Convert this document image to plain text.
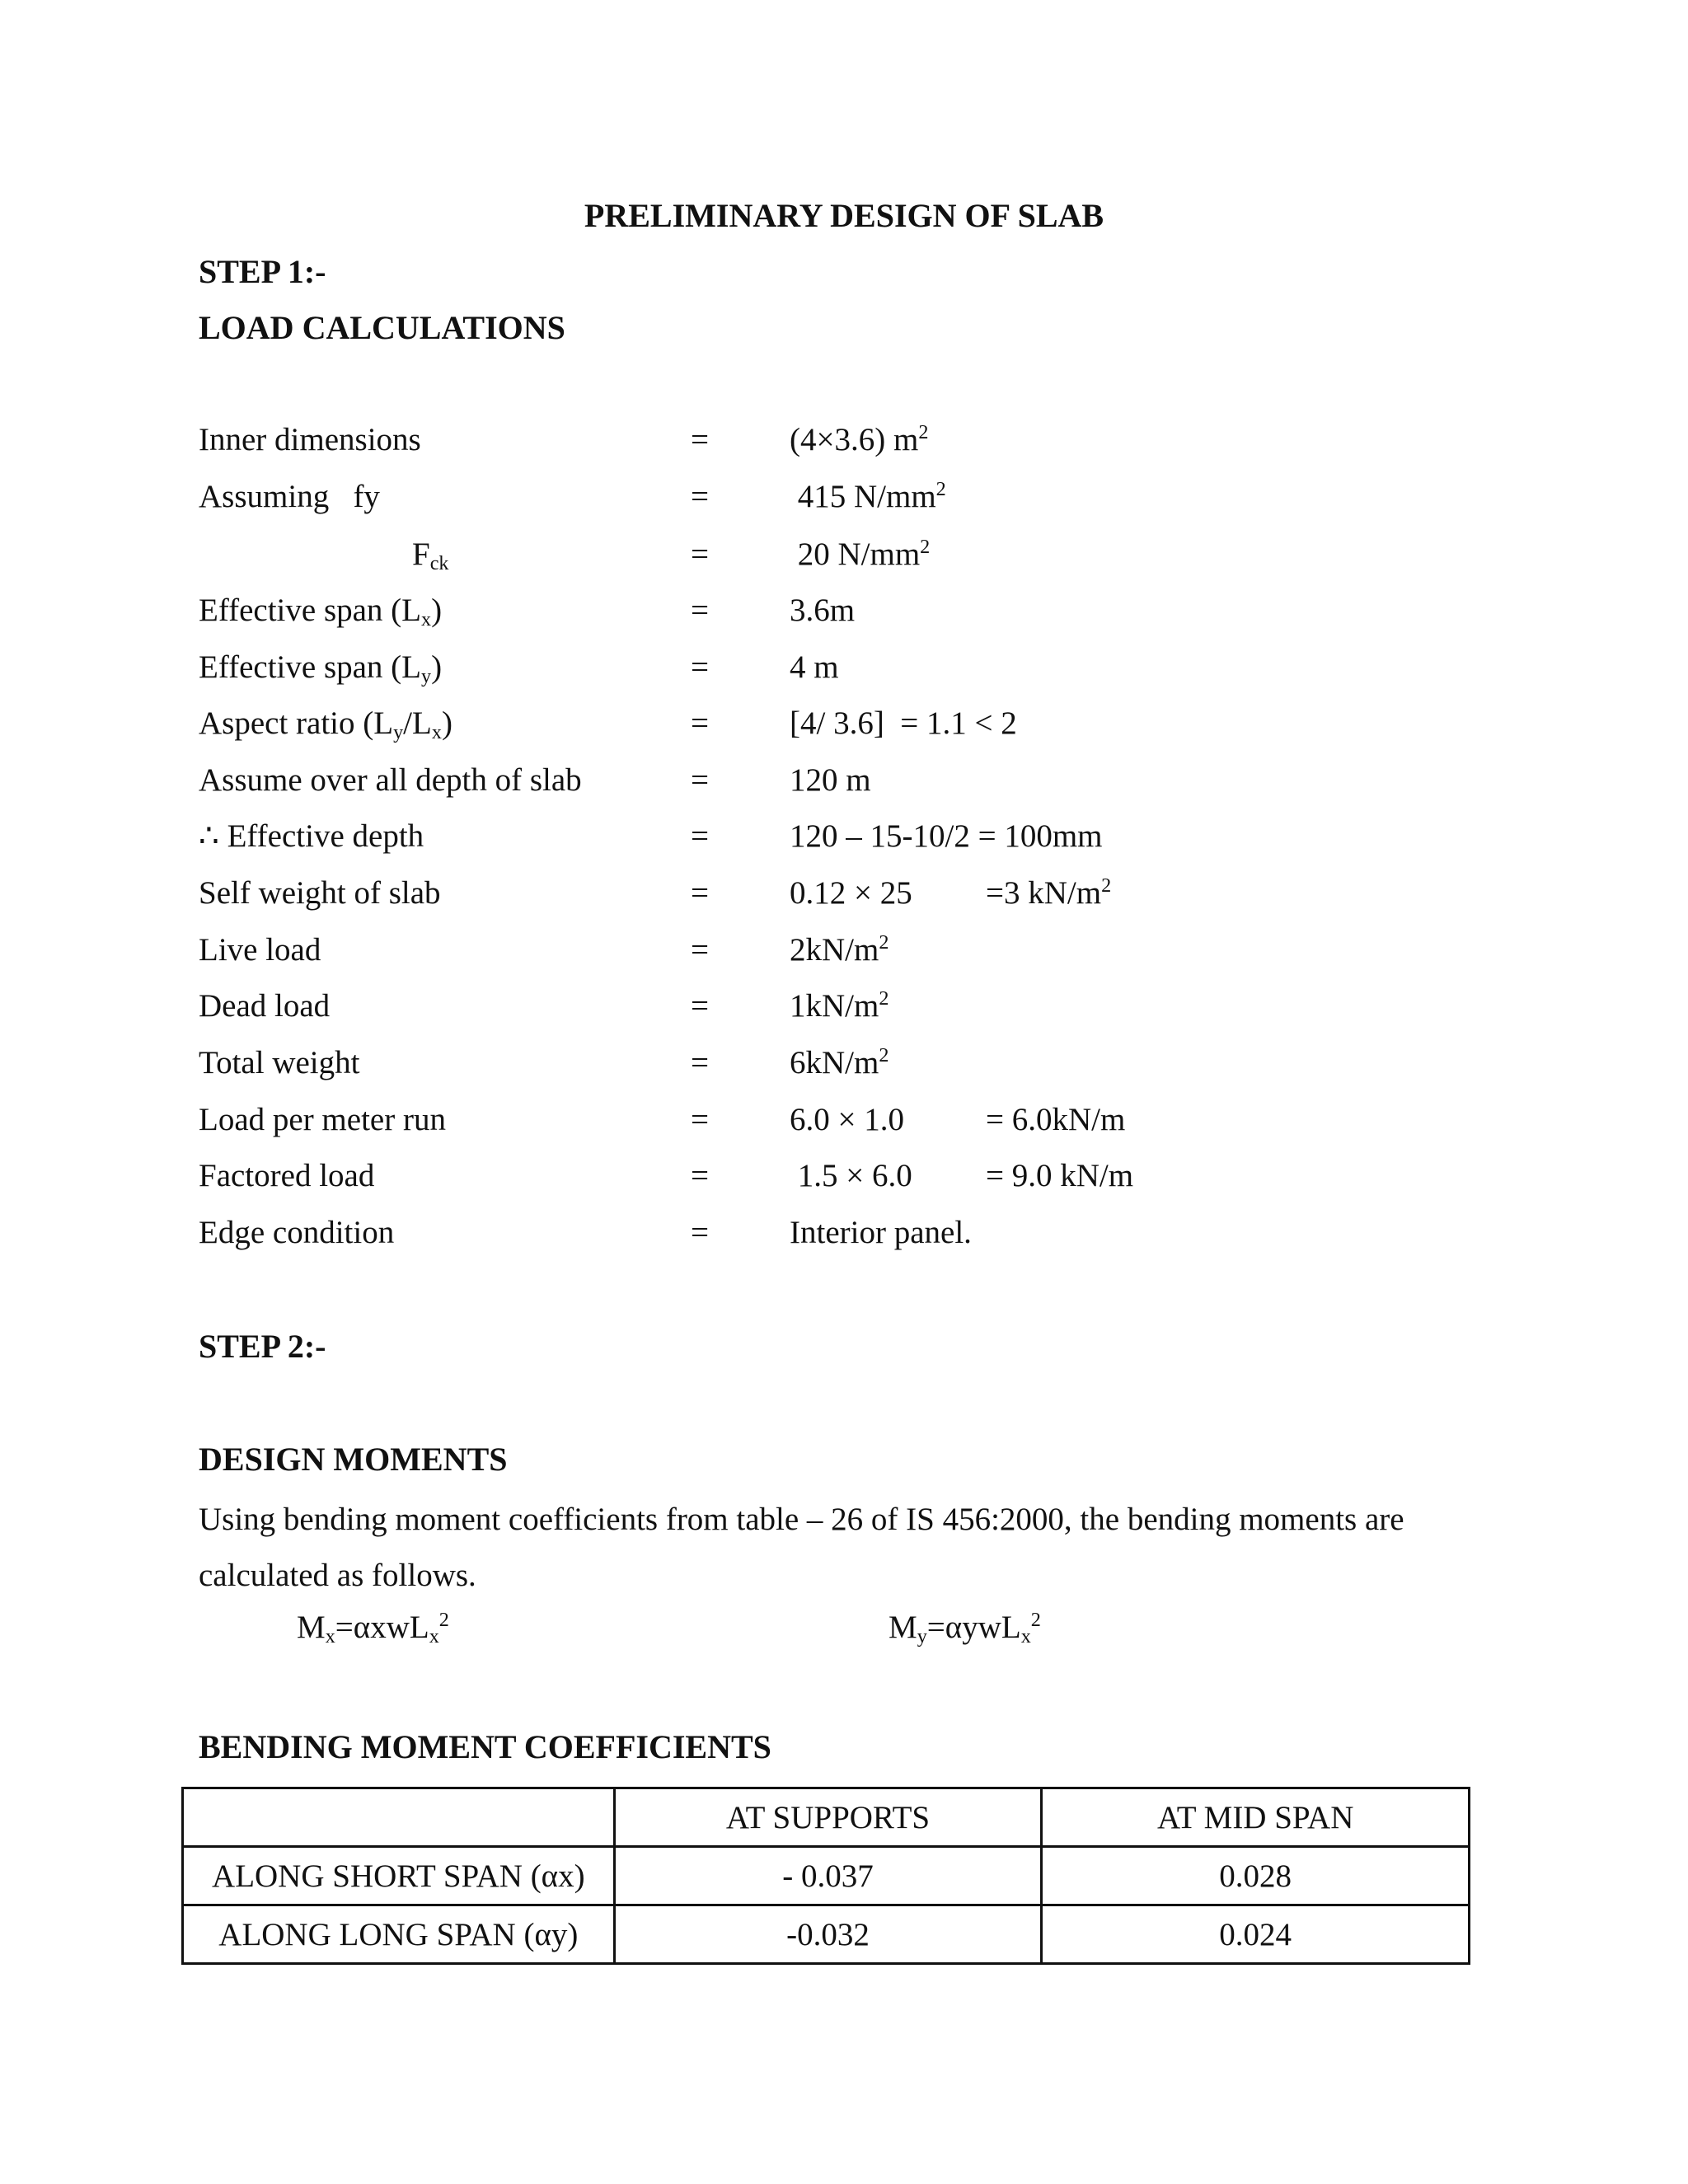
PRELIMINARY DESIGN OF SLAB
STEP 1:-
LOAD CALCULATIONS
Inner dimensions	=	(4×3.6) $m^2$
Assuming   fy	=	415 $N/mm^2$
$F_{ck}$	=	20 $N/mm^2$
Effective span $(L_x)$	=	3.6m
Effective span $(L_y)$	=	4 m
Aspect ratio $(L_y/L_x)$	=	[4/ 3.6]  = 1.1 < 2
Assume over all depth of slab	=	120 m
∴ Effective depth	=	120 – 15-10/2 = 100mm
Self weight of slab	=	0.12 × 25 =3 $kN/m^2$
Live load	=	$2kN/m^2$
Dead load	=	$1kN/m^2$
Total weight	=	$6kN/m^2$
Load per meter run	=	6.0 × 1.0	= 6.0kN/m
Factored load	=	1.5 × 6.0 = 9.0 kN/m
Edge condition	=	Interior panel.
STEP 2:-
DESIGN MOMENTS
Using bending moment coefficients from table – 26 of IS 456:2000, the bending moments are calculated as follows.
$M_x=\alpha xwL_x^2$	$M_y=\alpha ywL_x^2$
BENDING MOMENT COEFFICIENTS
	AT SUPPORTS	AT MID SPAN
ALONG SHORT SPAN (αx)	- 0.037	0.028
ALONG LONG SPAN (αy)	-0.032	0.024
